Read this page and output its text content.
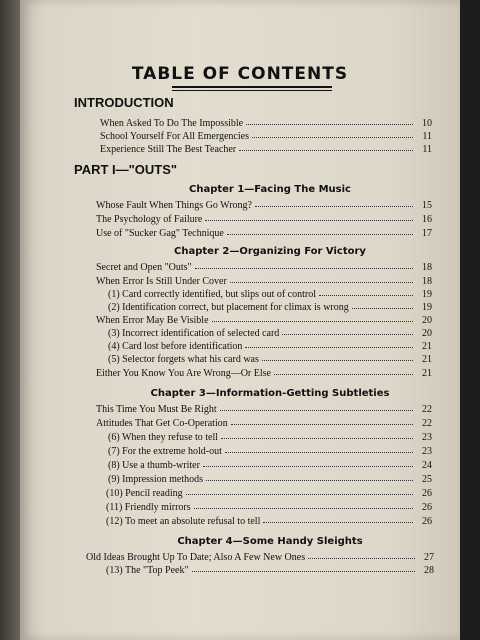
TABLE OF CONTENTS
INTRODUCTION
When Asked To Do The Impossible	10
School Yourself For All Emergencies	11
Experience Still The Best Teacher	11
PART I—"OUTS"
Chapter 1—Facing The Music
Whose Fault When Things Go Wrong?	15
The Psychology of Failure	16
Use of "Sucker Gag" Technique	17
Chapter 2—Organizing For Victory
Secret and Open "Outs"	18
When Error Is Still Under Cover	18
(1) Card correctly identified, but slips out of control	19
(2) Identification correct, but placement for climax is wrong	19
When Error May Be Visible	20
(3) Incorrect identification of selected card	20
(4) Card lost before identification	21
(5) Selector forgets what his card was	21
Either You Know You Are Wrong—Or Else	21
Chapter 3—Information-Getting Subtleties
This Time You Must Be Right	22
Attitudes That Get Co-Operation	22
(6) When they refuse to tell	23
(7) For the extreme hold-out	23
(8) Use a thumb-writer	24
(9) Impression methods	25
(10) Pencil reading	26
(11) Friendly mirrors	26
(12) To meet an absolute refusal to tell	26
Chapter 4—Some Handy Sleights
Old Ideas Brought Up To Date; Also A Few New Ones	27
(13) The "Top Peek"	28
